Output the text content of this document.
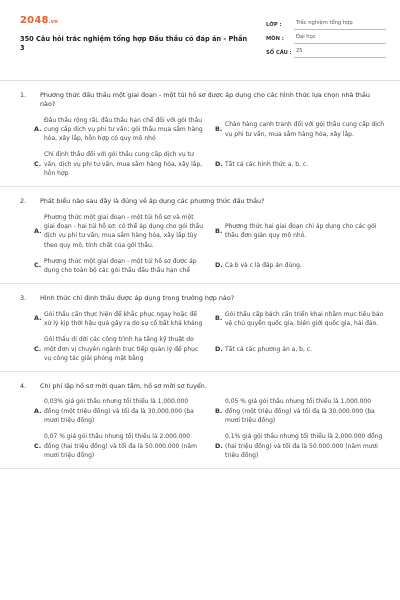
2048.vn
350 Câu hỏi trắc nghiệm tổng hợp Đấu thầu có đáp án - Phần 3
LỚP :	Trắc nghiệm tổng hợp
MÔN :	Đại học
SỐ CÂU : 25
1.	Phương thức đấu thầu một giai đoạn - một túi hồ sơ được áp dụng cho các hình thức lựa chọn nhà thầu nào?
A.
Đấu thầu rộng rãi, đấu thầu hạn chế đối với gói thầu cung cấp dịch vụ phi tư vấn; gói thầu mua sắm hàng hóa, xây lắp, hỗn hợp có quy mô nhỏ
B.
Chào hàng cạnh tranh đối với gói thầu cung cấp dịch vụ phi tư vấn, mua sắm hàng hóa, xây lắp.
C.
Chỉ định thầu đối với gói thầu cung cấp dịch vụ tư vấn, dịch vụ phi tư vấn, mua sắm hàng hóa, xây lắp, hỗn hợp
D. Tất cả các hình thức a, b, c.
2.	Phát biểu nào sau đây là đúng về áp dụng các phương thức đấu thầu?
A.
Phương thức một giai đoạn - một túi hồ sơ và một giai đoạn - hai túi hồ sơ: có thể áp dụng cho gói thầu dịch vụ phi tư vấn, mua sắm hàng hóa, xây lắp tùy theo quy mô, tính chất của gói thầu.
B.
Phương thức hai giai đoạn chỉ áp dụng cho các gói thầu đơn giản quy mô nhỏ.
C.
Phương thức một giai đoạn - một túi hồ sơ được áp dụng cho toàn bộ các gói thầu đấu thầu hạn chế
D. Cả b và c là đáp án đúng.
3.	Hình thức chỉ định thầu được áp dụng trong trường hợp nào?
A.
Gói thầu cần thực hiện để khắc phục ngay hoặc để xử lý kịp thời hậu quả gây ra do sự cố bất khả kháng
B.
Gói thầu cấp bách cần triển khai nhằm mục tiêu bảo vệ chủ quyền quốc gia, biên giới quốc gia, hải đảo.
C.
Gói thầu di dời các công trình hạ tầng kỹ thuật do một đơn vị chuyên ngành trực tiếp quản lý để phục vụ công tác giải phóng mặt bằng
D. Tất cả các phương án a, b, c.
4.	Chi phí lập hồ sơ mời quan tâm, hồ sơ mời sơ tuyển.
A.
0,03% giá gói thầu nhưng tối thiểu là 1.000.000 đồng (một triệu đồng) và tối đa là 30.000.000 (ba mươi triệu đồng)
B.
0,05 % giá gói thầu nhưng tối thiểu là 1.000.000 đồng (một triệu đồng) và tối đa là 30.000.000 (ba mươi triệu đồng)
C.
0,07 % giá gói thầu nhưng tối thiểu là 2.000.000 đồng (hai triệu đồng) và tối đa là 50.000.000 (năm mươi triệu đồng)
D.
0,1% giá gói thầu nhưng tối thiểu là 2.000.000 đồng (hai triệu đồng) và tối đa là 50.000.000 (năm mươi triệu đồng)
